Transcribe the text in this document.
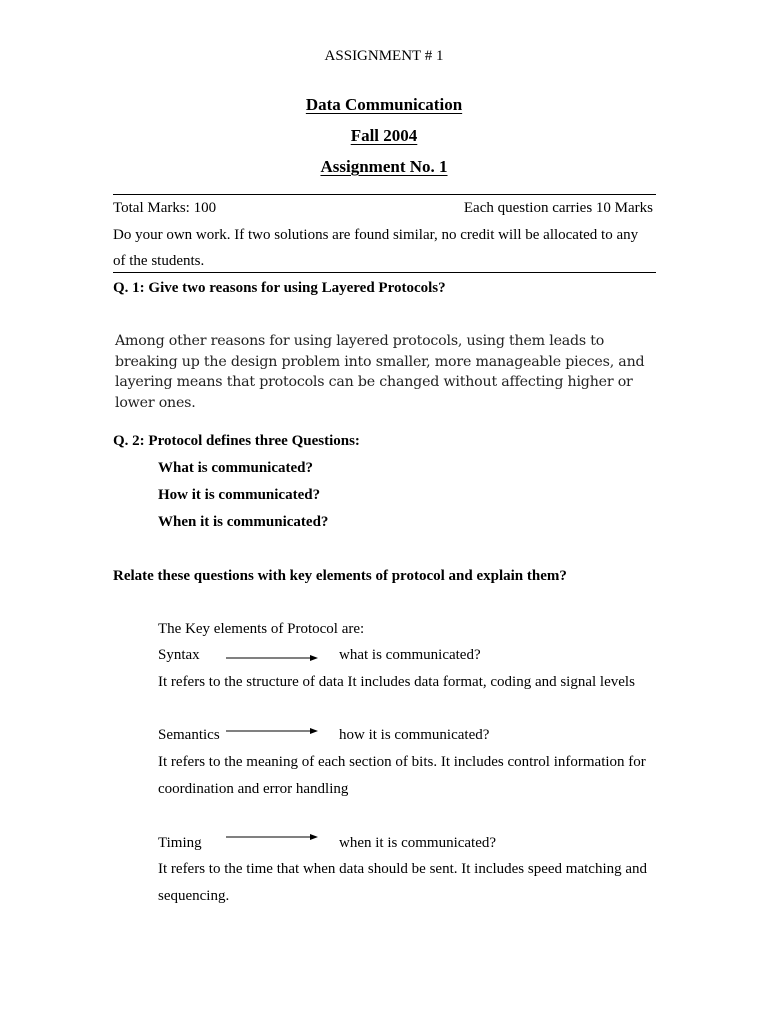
ASSIGNMENT # 1
Data Communication
Fall 2004
Assignment No. 1
Total Marks: 100	Each question carries 10 Marks
Do your own work. If two solutions are found similar, no credit will be allocated to any
of the students.
Q. 1: Give two reasons for using Layered Protocols?
Among other reasons for using layered protocols, using them leads to breaking up the design problem into smaller, more manageable pieces, and layering means that protocols can be changed without affecting higher or lower ones.
Q. 2: Protocol defines three Questions:
What is communicated?
How it is communicated?
When it is communicated?
Relate these questions with key elements of protocol and explain them?
The Key elements of Protocol are:
Syntax	what is communicated?
It refers to the structure of data It includes data format, coding and signal levels
Semantics	how it is communicated?
It refers to the meaning of each section of bits. It includes control information for
coordination and error handling
Timing	when it is communicated?
It refers to the time that when data should be sent. It includes speed matching and
sequencing.
